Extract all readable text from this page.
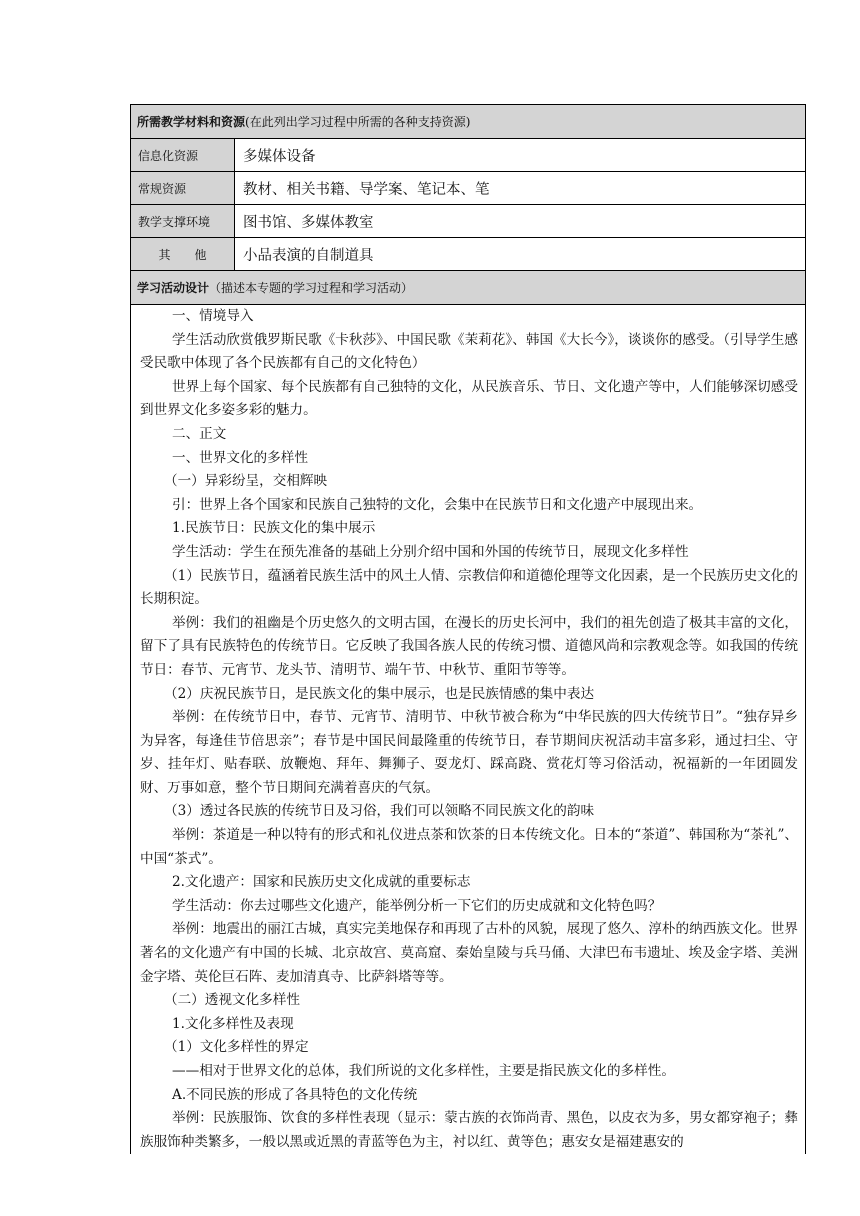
所需教学材料和资源 (在此列出学习过程中所需的各种支持资源)
信息化资源	多媒体设备
常规资源	教材、相关书籍、导学案、笔记本、笔
教学支撑环境	图书馆、多媒体教室
其　　他	小品表演的自制道具
学习活动设计 （描述本专题的学习过程和学习活动）

一、情境导入

学生活动欣赏俄罗斯民歌《卡秋莎》、中国民歌《茉莉花》、韩国《大长今》，谈谈你的感受。（引导学生感受民歌中体现了各个民族都有自己的文化特色）

世界上每个国家、每个民族都有自己独特的文化，从民族音乐、节日、文化遗产等中，人们能够深切感受到世界文化多姿多彩的魅力。

二、正文

一、世界文化的多样性

（一）异彩纷呈，交相辉映

引：世界上各个国家和民族自己独特的文化，会集中在民族节日和文化遗产中展现出来。

1.民族节日：民族文化的集中展示

学生活动：学生在预先准备的基础上分别介绍中国和外国的传统节日，展现文化多样性

（1）民族节日，蕴涵着民族生活中的风土人情、宗教信仰和道德伦理等文化因素，是一个民族历史文化的长期积淀。

举例：我们的祖幽是个历史悠久的文明古国，在漫长的历史长河中，我们的祖先创造了极其丰富的文化，留下了具有民族特色的传统节日。它反映了我国各族人民的传统习惯、道德风尚和宗教观念等。如我国的传统节日：春节、元宵节、龙头节、清明节、端午节、中秋节、重阳节等等。

（2）庆祝民族节日，是民族文化的集中展示，也是民族情感的集中表达

举例：在传统节日中，春节、元宵节、清明节、中秋节被合称为“中华民族的四大传统节日”。“独存异乡为异客，每逢佳节倍思亲”；春节是中国民间最隆重的传统节日，春节期间庆祝活动丰富多彩，通过扫尘、守岁、挂年灯、贴春联、放鞭炮、拜年、舞狮子、耍龙灯、踩高跷、赏花灯等习俗活动，祝福新的一年团圆发财、万事如意，整个节日期间充满着喜庆的气氛。

（3）透过各民族的传统节日及习俗，我们可以领略不同民族文化的韵味

举例：茶道是一种以特有的形式和礼仪进点茶和饮茶的日本传统文化。日本的“茶道”、韩国称为“茶礼”、中国“茶式”。

2.文化遗产：国家和民族历史文化成就的重要标志

学生活动：你去过哪些文化遗产，能举例分析一下它们的历史成就和文化特色吗？

举例：地震出的丽江古城，真实完美地保存和再现了古朴的风貌，展现了悠久、淳朴的纳西族文化。世界著名的文化遗产有中国的长城、北京故宫、莫高窟、秦始皇陵与兵马俑、大津巴布韦遗址、埃及金字塔、美洲金字塔、英伦巨石阵、麦加清真寺、比萨斜塔等等。

（二）透视文化多样性

1.文化多样性及表现

（1）文化多样性的界定

——相对于世界文化的总体，我们所说的文化多样性，主要是指民族文化的多样性。

A.不同民族的形成了各具特色的文化传统

举例：民族服饰、饮食的多样性表现（显示：蒙古族的衣饰尚青、黑色，以皮衣为多，男女都穿袍子；彝族服饰种类繁多，一般以黑或近黑的青蓝等色为主，衬以红、黄等色；惠安女是福建惠安的
